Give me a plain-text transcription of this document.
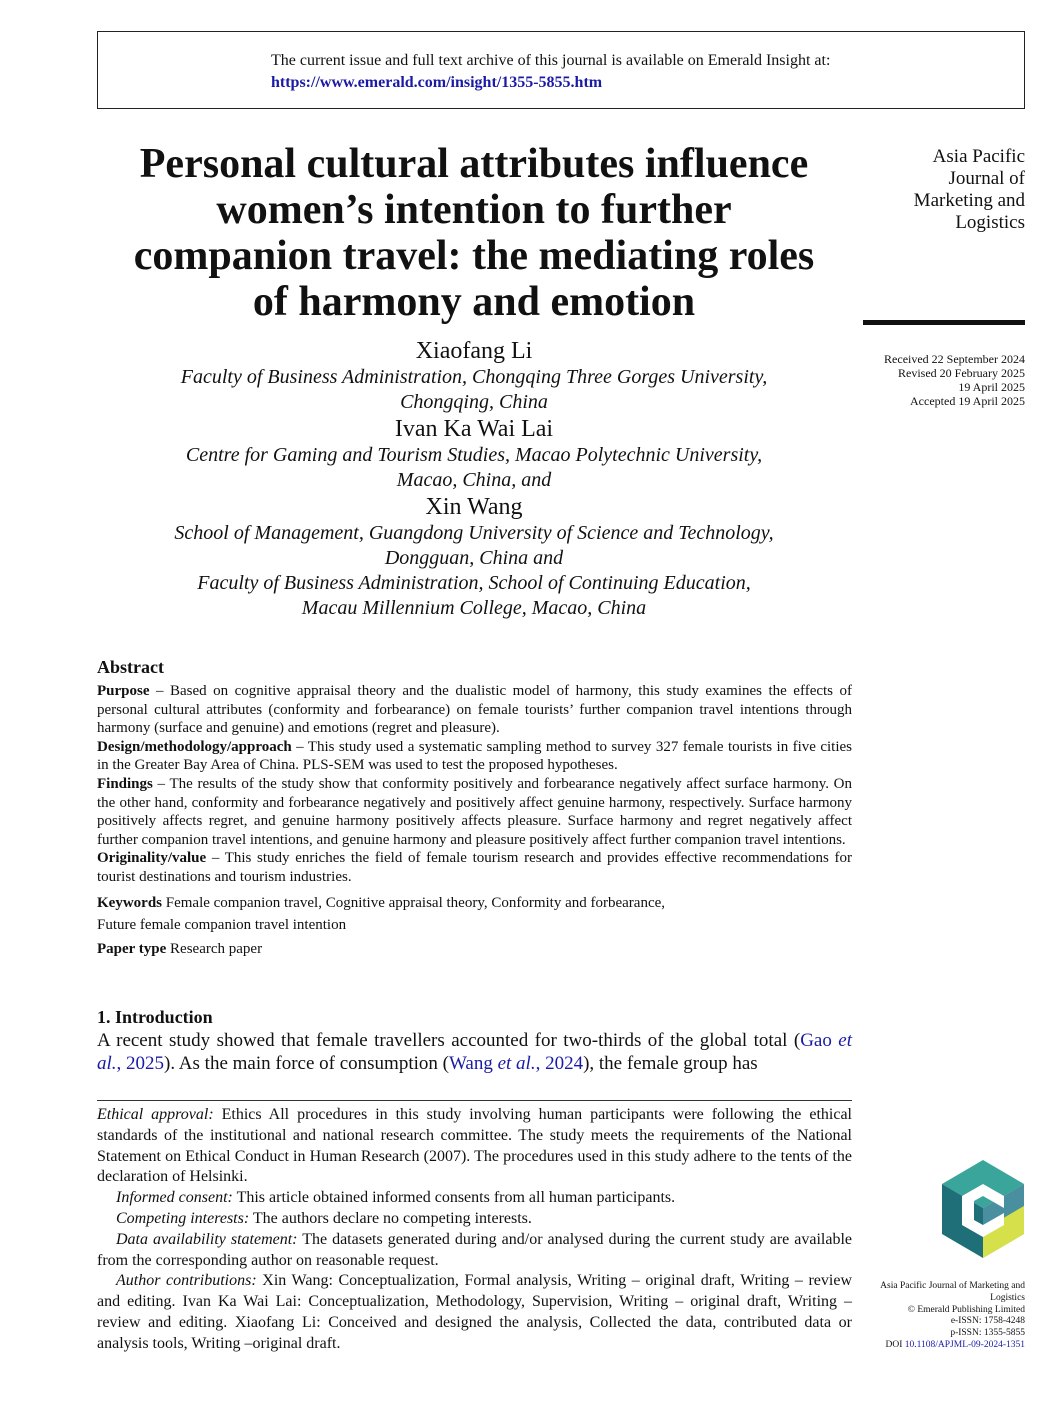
The current issue and full text archive of this journal is available on Emerald Insight at:
https://www.emerald.com/insight/1355-5855.htm
Personal cultural attributes influence
women’s intention to further
companion travel: the mediating roles
of harmony and emotion
Asia Pacific
Journal of
Marketing and
Logistics
Received 22 September 2024
Revised 20 February 2025
19 April 2025
Accepted 19 April 2025
Xiaofang Li
Faculty of Business Administration, Chongqing Three Gorges University,
Chongqing, China
Ivan Ka Wai Lai
Centre for Gaming and Tourism Studies, Macao Polytechnic University,
Macao, China, and
Xin Wang
School of Management, Guangdong University of Science and Technology,
Dongguan, China and
Faculty of Business Administration, School of Continuing Education,
Macau Millennium College, Macao, China
Abstract

Purpose – Based on cognitive appraisal theory and the dualistic model of harmony, this study examines the effects of personal cultural attributes (conformity and forbearance) on female tourists’ further companion travel intentions through harmony (surface and genuine) and emotions (regret and pleasure).

Design/methodology/approach – This study used a systematic sampling method to survey 327 female tourists in five cities in the Greater Bay Area of China. PLS-SEM was used to test the proposed hypotheses.

Findings – The results of the study show that conformity positively and forbearance negatively affect surface harmony. On the other hand, conformity and forbearance negatively and positively affect genuine harmony, respectively. Surface harmony positively affects regret, and genuine harmony positively affects pleasure. Surface harmony and regret negatively affect further companion travel intentions, and genuine harmony and pleasure positively affect further companion travel intentions.

Originality/value – This study enriches the field of female tourism research and provides effective recommendations for tourist destinations and tourism industries.

Keywords Female companion travel, Cognitive appraisal theory, Conformity and forbearance,
Future female companion travel intention

Paper type Research paper

1. Introduction

A recent study showed that female travellers accounted for two-thirds of the global total (Gao et al., 2025). As the main force of consumption (Wang et al., 2024), the female group has

Ethical approval: Ethics All procedures in this study involving human participants were following the ethical standards of the institutional and national research committee. The study meets the requirements of the National Statement on Ethical Conduct in Human Research (2007). The procedures used in this study adhere to the tents of the declaration of Helsinki.

Informed consent: This article obtained informed consents from all human participants.

Competing interests: The authors declare no competing interests.

Data availability statement: The datasets generated during and/or analysed during the current study are available from the corresponding author on reasonable request.

Author contributions: Xin Wang: Conceptualization, Formal analysis, Writing – original draft, Writing – review and editing. Ivan Ka Wai Lai: Conceptualization, Methodology, Supervision, Writing – original draft, Writing – review and editing. Xiaofang Li: Conceived and designed the analysis, Collected the data, contributed data or analysis tools, Writing –original draft.

Asia Pacific Journal of Marketing and
Logistics
© Emerald Publishing Limited
e-ISSN: 1758-4248
p-ISSN: 1355-5855
DOI 10.1108/APJML-09-2024-1351
